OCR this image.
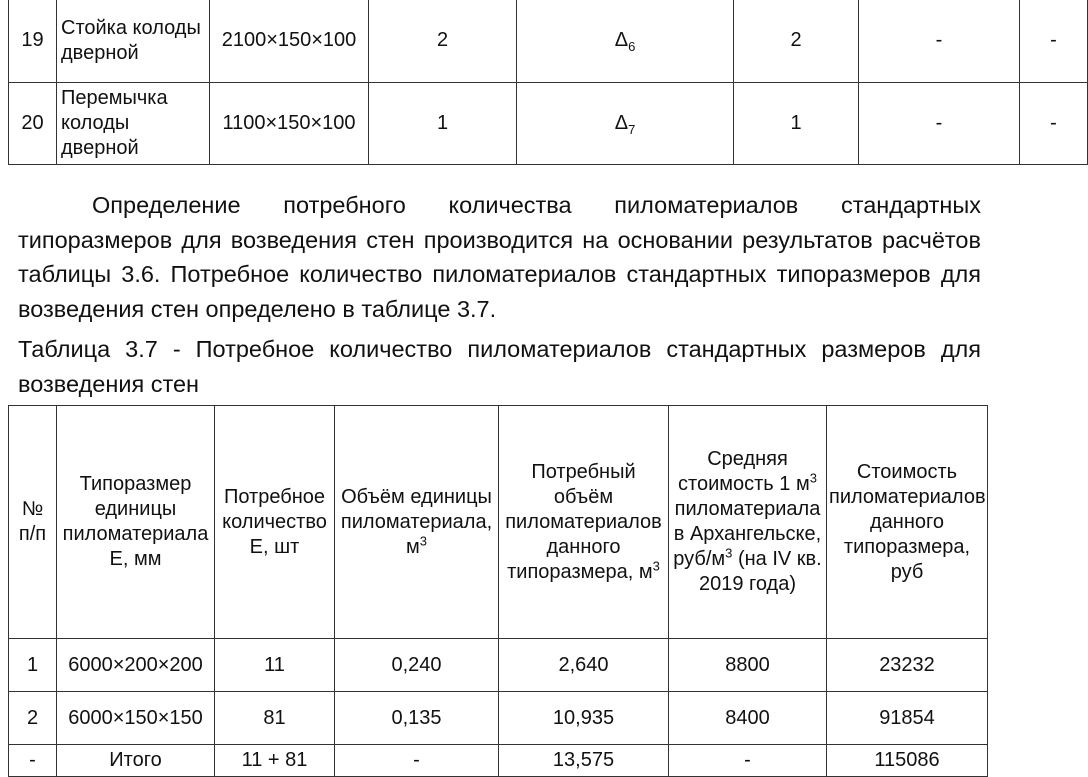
19	Стойка колоды дверной	2100×150×100	2	$\Delta_6$	2	-	-
20	Перемычка колоды дверной	1100×150×100	1	$\Delta_7$	1	-	-

Определение потребного количества пиломатериалов стандартных типоразмеров для возведения стен производится на основании результатов расчётов таблицы 3.6. Потребное количество пиломатериалов стандартных типоразмеров для возведения стен определено в таблице 3.7.

Таблица 3.7 - Потребное количество пиломатериалов стандартных размеров для возведения стен

№ п/п	Типоразмер единицы пиломатериала Е, мм	Потребное количество Е, шт	Объём единицы пиломатериала, $м^3$	Потребный объём пиломатериалов данного типоразмера, $м^3$	Средняя стоимость 1 $м^3$ пиломатериала в Архангельске, руб/$м^3$ (на IV кв. 2019 года)	Стоимость пиломатериалов данного типоразмера, руб
1	6000×200×200	11	0,240	2,640	8800	23232
2	6000×150×150	81	0,135	10,935	8400	91854
-	Итого	11 + 81	-	13,575	-	115086
